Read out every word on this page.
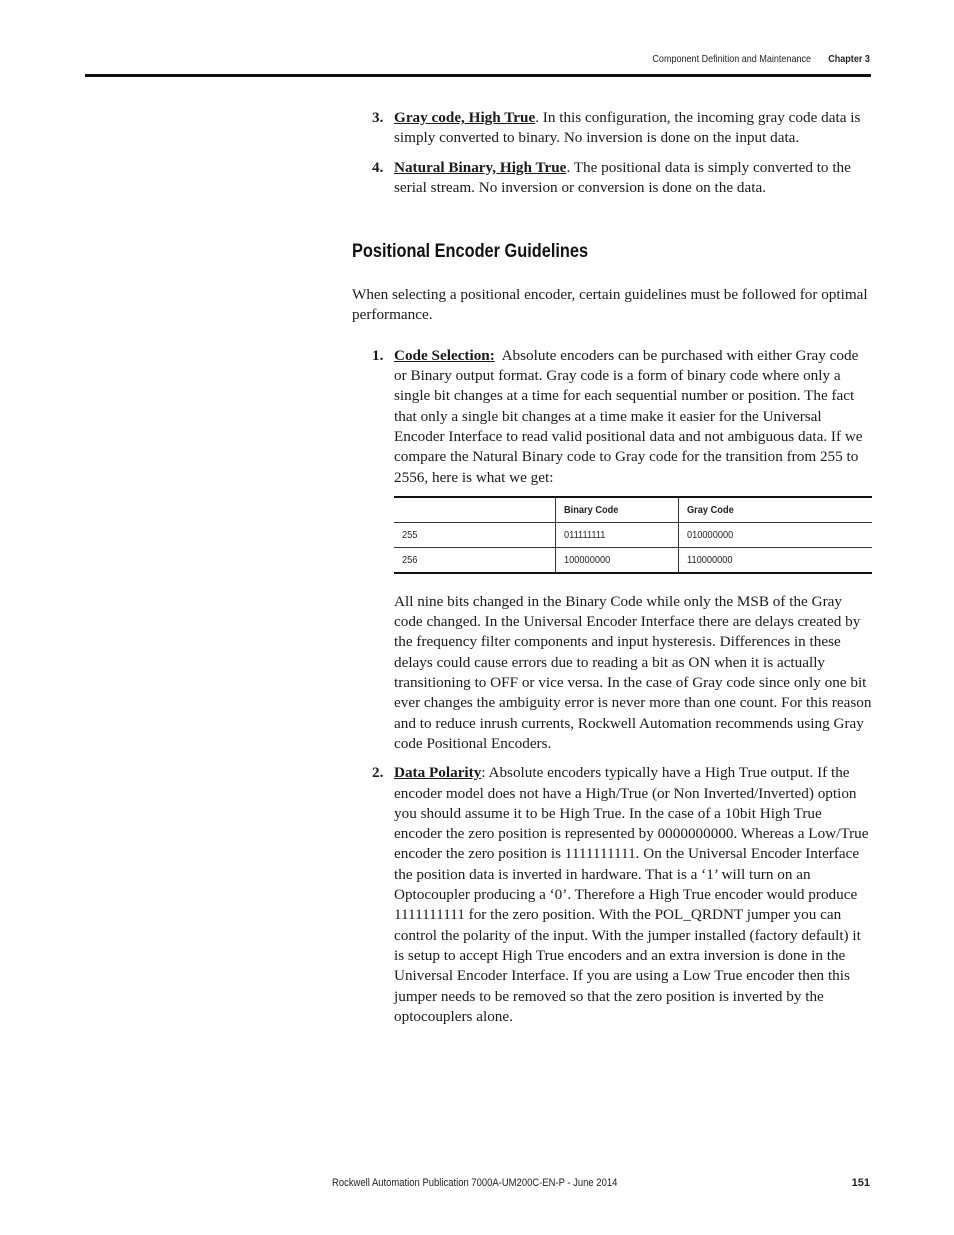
Component Definition and Maintenance Chapter 3
3. Gray code, High True. In this configuration, the incoming gray code data is simply converted to binary. No inversion is done on the input data.

4. Natural Binary, High True. The positional data is simply converted to the serial stream. No inversion or conversion is done on the data.

Positional Encoder Guidelines

When selecting a positional encoder, certain guidelines must be followed for optimal performance.

1. Code Selection:  Absolute encoders can be purchased with either Gray code or Binary output format. Gray code is a form of binary code where only a single bit changes at a time for each sequential number or position. The fact that only a single bit changes at a time make it easier for the Universal Encoder Interface to read valid positional data and not ambiguous data. If we compare the Natural Binary code to Gray code for the transition from 255 to 2556, here is what we get:

	Binary Code	Gray Code
255	011111111	010000000
256	100000000	110000000

All nine bits changed in the Binary Code while only the MSB of the Gray code changed. In the Universal Encoder Interface there are delays created by the frequency filter components and input hysteresis. Differences in these delays could cause errors due to reading a bit as ON when it is actually transitioning to OFF or vice versa. In the case of Gray code since only one bit ever changes the ambiguity error is never more than one count. For this reason and to reduce inrush currents, Rockwell Automation recommends using Gray code Positional Encoders.

2. Data Polarity: Absolute encoders typically have a High True output. If the encoder model does not have a High/True (or Non Inverted/Inverted) option you should assume it to be High True. In the case of a 10bit High True encoder the zero position is represented by 0000000000. Whereas a Low/True encoder the zero position is 1111111111. On the Universal Encoder Interface the position data is inverted in hardware. That is a ‘1’ will turn on an Optocoupler producing a ‘0’. Therefore a High True encoder would produce 1111111111 for the zero position. With the POL_QRDNT jumper you can control the polarity of the input. With the jumper installed (factory default) it is setup to accept High True encoders and an extra inversion is done in the Universal Encoder Interface. If you are using a Low True encoder then this jumper needs to be removed so that the zero position is inverted by the optocouplers alone.

Rockwell Automation Publication 7000A-UM200C-EN-P - June 2014	151
